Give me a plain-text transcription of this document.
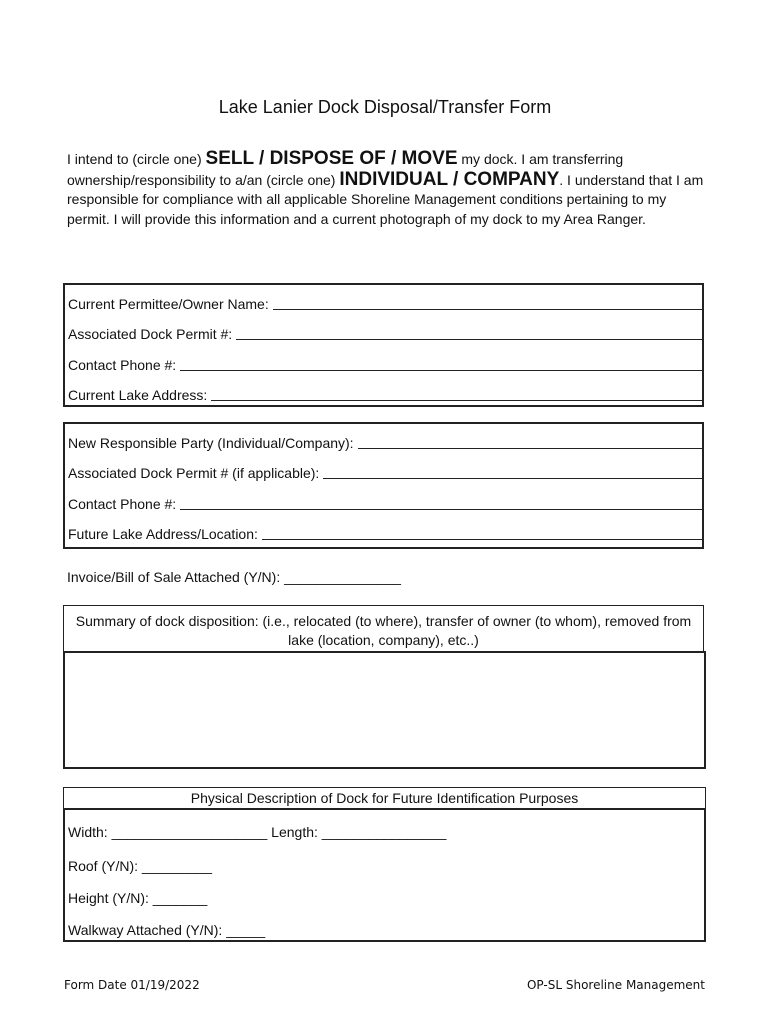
Lake Lanier Dock Disposal/Transfer Form
I intend to (circle one) SELL / DISPOSE OF / MOVE my dock. I am transferring ownership/responsibility to a/an (circle one) INDIVIDUAL / COMPANY. I understand that I am responsible for compliance with all applicable Shoreline Management conditions pertaining to my permit. I will provide this information and a current photograph of my dock to my Area Ranger.
Current Permittee/Owner Name:
Associated Dock Permit #:
Contact Phone #:
Current Lake Address:
New Responsible Party (Individual/Company):
Associated Dock Permit # (if applicable):
Contact Phone #:
Future Lake Address/Location:
Invoice/Bill of Sale Attached (Y/N): _______________
Summary of dock disposition: (i.e., relocated (to where), transfer of owner (to whom), removed from lake (location, company), etc..)
Physical Description of Dock for Future Identification Purposes
Width: ____________________ Length: ________________
Roof (Y/N): _________
Height (Y/N): _______
Walkway Attached (Y/N): _____
Form Date 01/19/2022	OP-SL Shoreline Management
